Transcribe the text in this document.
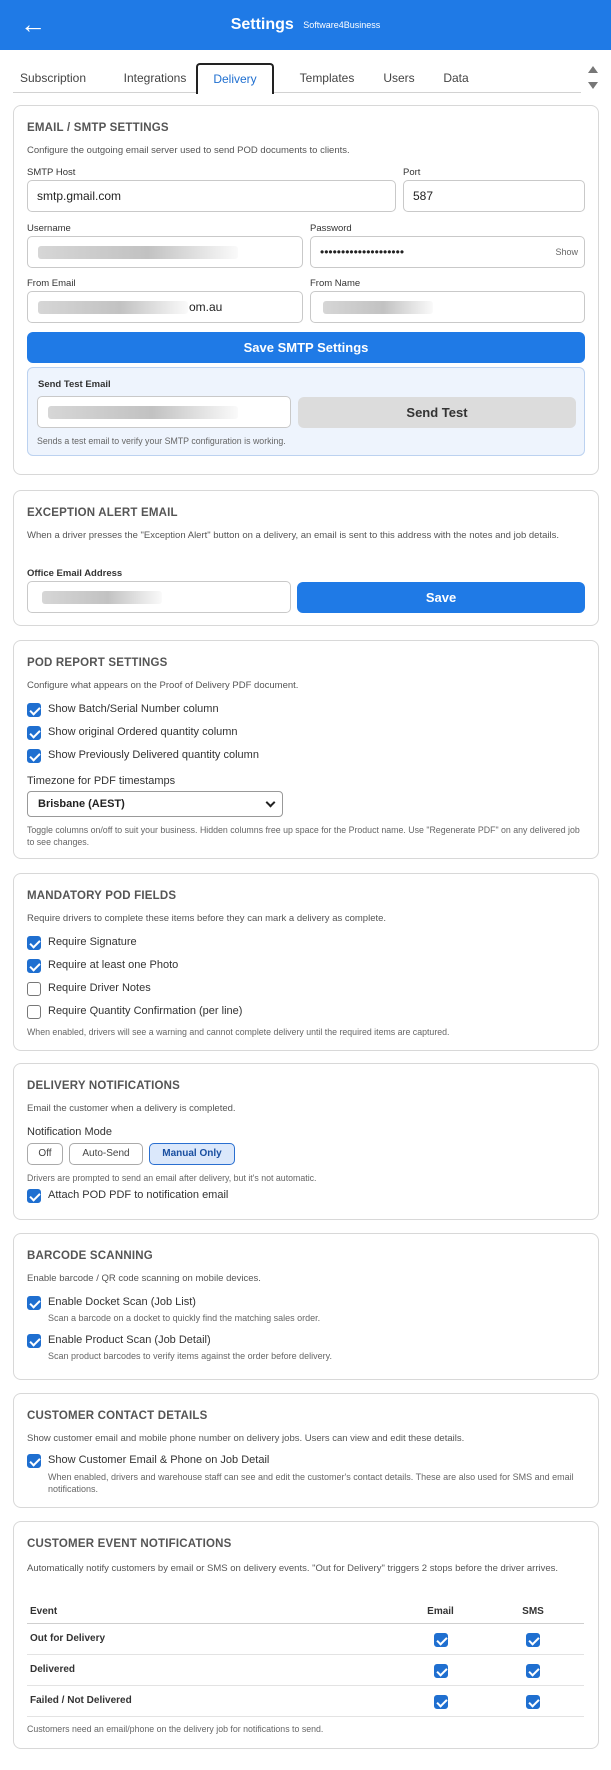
←	Settings Software4Business
Subscription	Integrations	Delivery	Templates	Users	Data
EMAIL / SMTP SETTINGS
Configure the outgoing email server used to send POD documents to clients.
SMTP Host
smtp.gmail.com
Port
587
Username	Password
••••••••••••••••••••	Show
From Email
om.au
From Name
Save SMTP Settings
Send Test Email
Send Test
Sends a test email to verify your SMTP configuration is working.
EXCEPTION ALERT EMAIL
When a driver presses the "Exception Alert" button on a delivery, an email is sent to this address with the notes and job details.
Office Email Address
Save
POD REPORT SETTINGS
Configure what appears on the Proof of Delivery PDF document.
Show Batch/Serial Number column
Show original Ordered quantity column
Show Previously Delivered quantity column
Timezone for PDF timestamps
Brisbane (AEST)
Toggle columns on/off to suit your business. Hidden columns free up space for the Product name. Use "Regenerate PDF" on any delivered job to see changes.
MANDATORY POD FIELDS
Require drivers to complete these items before they can mark a delivery as complete.
Require Signature
Require at least one Photo
Require Driver Notes
Require Quantity Confirmation (per line)
When enabled, drivers will see a warning and cannot complete delivery until the required items are captured.
DELIVERY NOTIFICATIONS
Email the customer when a delivery is completed.
Notification Mode
Off	Auto-Send	Manual Only
Drivers are prompted to send an email after delivery, but it's not automatic.
Attach POD PDF to notification email
BARCODE SCANNING
Enable barcode / QR code scanning on mobile devices.
Enable Docket Scan (Job List)
Scan a barcode on a docket to quickly find the matching sales order.
Enable Product Scan (Job Detail)
Scan product barcodes to verify items against the order before delivery.
CUSTOMER CONTACT DETAILS
Show customer email and mobile phone number on delivery jobs. Users can view and edit these details.
Show Customer Email & Phone on Job Detail
When enabled, drivers and warehouse staff can see and edit the customer's contact details. These are also used for SMS and email notifications.
CUSTOMER EVENT NOTIFICATIONS
Automatically notify customers by email or SMS on delivery events. "Out for Delivery" triggers 2 stops before the driver arrives.
Event	Email	SMS
Out for Delivery	

Delivered	

Failed / Not Delivered	

Customers need an email/phone on the delivery job for notifications to send.
